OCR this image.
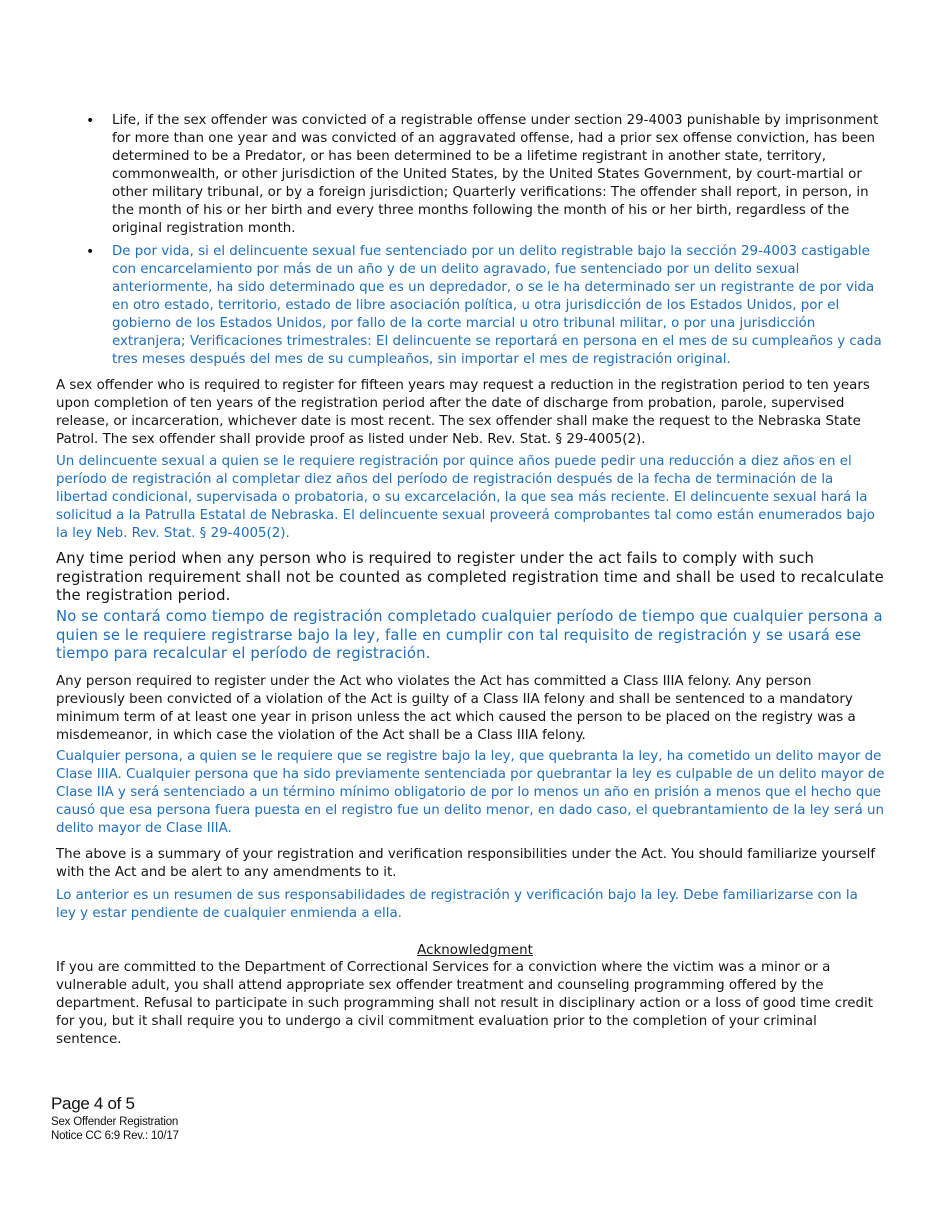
• Life, if the sex offender was convicted of a registrable offense under section 29-4003 punishable by imprisonment for more than one year and was convicted of an aggravated offense, had a prior sex offense conviction, has been determined to be a Predator, or has been determined to be a lifetime registrant in another state, territory, commonwealth, or other jurisdiction of the United States, by the United States Government, by court-martial or other military tribunal, or by a foreign jurisdiction; Quarterly verifications: The offender shall report, in person, in the month of his or her birth and every three months following the month of his or her birth, regardless of the original registration month.
• De por vida, si el delincuente sexual fue sentenciado por un delito registrable bajo la sección 29-4003 castigable con encarcelamiento por más de un año y de un delito agravado, fue sentenciado por un delito sexual anteriormente, ha sido determinado que es un depredador, o se le ha determinado ser un registrante de por vida en otro estado, territorio, estado de libre asociación política, u otra jurisdicción de los Estados Unidos, por el gobierno de los Estados Unidos, por fallo de la corte marcial u otro tribunal militar, o por una jurisdicción extranjera; Verificaciones trimestrales: El delincuente se reportará en persona en el mes de su cumpleaños y cada tres meses después del mes de su cumpleaños, sin importar el mes de registración original.

A sex offender who is required to register for fifteen years may request a reduction in the registration period to ten years upon completion of ten years of the registration period after the date of discharge from probation, parole, supervised release, or incarceration, whichever date is most recent. The sex offender shall make the request to the Nebraska State Patrol. The sex offender shall provide proof as listed under Neb. Rev. Stat. § 29-4005(2).

Un delincuente sexual a quien se le requiere registración por quince años puede pedir una reducción a diez años en el período de registración al completar diez años del período de registración después de la fecha de terminación de la libertad condicional, supervisada o probatoria, o su excarcelación, la que sea más reciente. El delincuente sexual hará la solicitud a la Patrulla Estatal de Nebraska. El delincuente sexual proveerá comprobantes tal como están enumerados bajo la ley Neb. Rev. Stat. § 29-4005(2).

Any time period when any person who is required to register under the act fails to comply with such registration requirement shall not be counted as completed registration time and shall be used to recalculate the registration period.

No se contará como tiempo de registración completado cualquier período de tiempo que cualquier persona a quien se le requiere registrarse bajo la ley, falle en cumplir con tal requisito de registración y se usará ese tiempo para recalcular el período de registración.

Any person required to register under the Act who violates the Act has committed a Class IIIA felony. Any person previously been convicted of a violation of the Act is guilty of a Class IIA felony and shall be sentenced to a mandatory minimum term of at least one year in prison unless the act which caused the person to be placed on the registry was a misdemeanor, in which case the violation of the Act shall be a Class IIIA felony.

Cualquier persona, a quien se le requiere que se registre bajo la ley, que quebranta la ley, ha cometido un delito mayor de Clase IIIA. Cualquier persona que ha sido previamente sentenciada por quebrantar la ley es culpable de un delito mayor de Clase IIA y será sentenciado a un término mínimo obligatorio de por lo menos un año en prisión a menos que el hecho que causó que esa persona fuera puesta en el registro fue un delito menor, en dado caso, el quebrantamiento de la ley será un delito mayor de Clase IIIA.

The above is a summary of your registration and verification responsibilities under the Act. You should familiarize yourself with the Act and be alert to any amendments to it.

Lo anterior es un resumen de sus responsabilidades de registración y verificación bajo la ley. Debe familiarizarse con la ley y estar pendiente de cualquier enmienda a ella.

Acknowledgment

If you are committed to the Department of Correctional Services for a conviction where the victim was a minor or a vulnerable adult, you shall attend appropriate sex offender treatment and counseling programming offered by the department. Refusal to participate in such programming shall not result in disciplinary action or a loss of good time credit for you, but it shall require you to undergo a civil commitment evaluation prior to the completion of your criminal sentence.

Page 4 of 5
Sex Offender Registration
Notice CC 6:9 Rev.: 10/17
